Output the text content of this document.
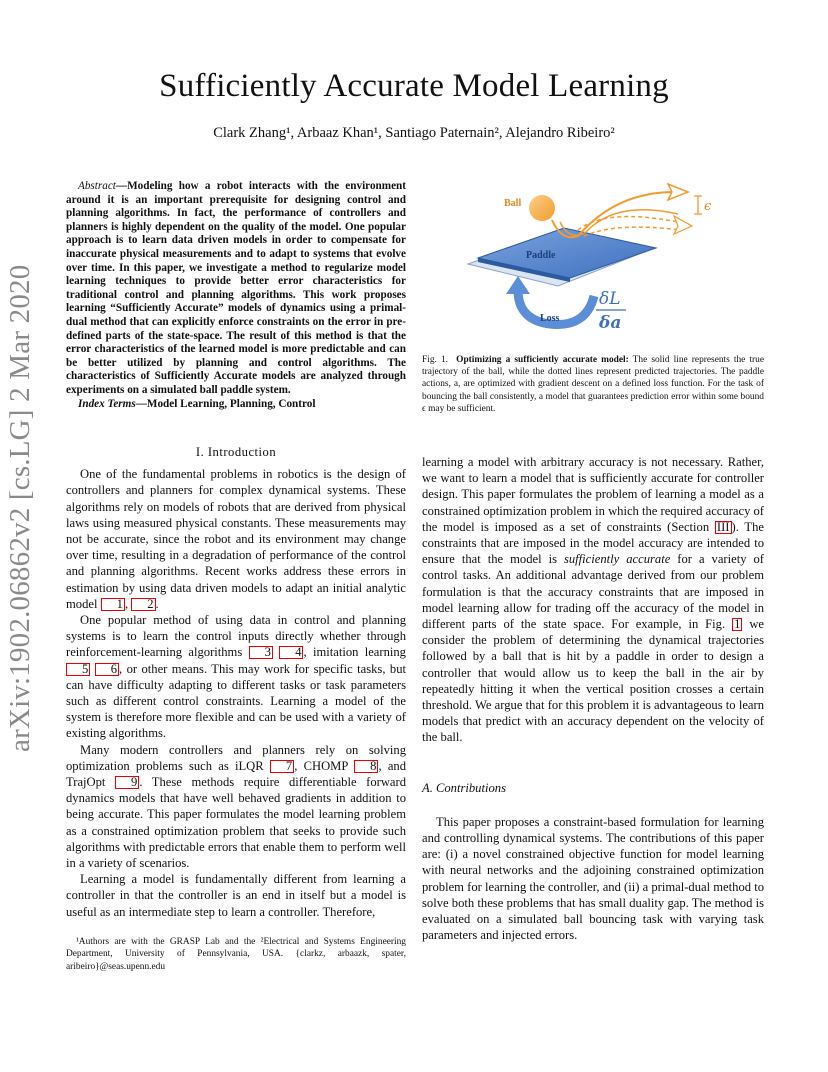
Sufficiently Accurate Model Learning
Clark Zhang¹, Arbaaz Khan¹, Santiago Paternain², Alejandro Ribeiro²
arXiv:1902.06862v2 [cs.LG] 2 Mar 2020

Abstract—Modeling how a robot interacts with the environment around it is an important prerequisite for designing control and planning algorithms. In fact, the performance of controllers and planners is highly dependent on the quality of the model. One popular approach is to learn data driven models in order to compensate for inaccurate physical measurements and to adapt to systems that evolve over time. In this paper, we investigate a method to regularize model learning techniques to provide better error characteristics for traditional control and planning algorithms. This work proposes learning “Sufficiently Accurate” models of dynamics using a primal-dual method that can explicitly enforce constraints on the error in pre-defined parts of the state-space. The result of this method is that the error characteristics of the learned model is more predictable and can be better utilized by planning and control algorithms. The characteristics of Sufficiently Accurate models are analyzed through experiments on a simulated ball paddle system.

Index Terms—Model Learning, Planning, Control

Paddle
Ball	ϵ
Loss
δL
δa
Fig. 1. Optimizing a sufficiently accurate model: The solid line represents the true trajectory of the ball, while the dotted lines represent predicted trajectories. The paddle actions, a, are optimized with gradient descent on a defined loss function. For the task of bouncing the ball consistently, a model that guarantees prediction error within some bound ϵ may be sufficient.
I. Introduction

One of the fundamental problems in robotics is the design of controllers and planners for complex dynamical systems. These algorithms rely on models of robots that are derived from physical laws using measured physical constants. These measurements may not be accurate, since the robot and its environment may change over time, resulting in a degradation of performance of the control and planning algorithms. Recent works address these errors in estimation by using data driven models to adapt an initial analytic model 1 , 2 .

One popular method of using data in control and planning systems is to learn the control inputs directly whether through reinforcement-learning algorithms 3 4 , imitation learning 5 6 , or other means. This may work for specific tasks, but can have difficulty adapting to different tasks or task parameters such as different control constraints. Learning a model of the system is therefore more flexible and can be used with a variety of existing algorithms.

Many modern controllers and planners rely on solving optimization problems such as iLQR 7 , CHOMP 8 , and TrajOpt 9 . These methods require differentiable forward dynamics models that have well behaved gradients in addition to being accurate. This paper formulates the model learning problem as a constrained optimization problem that seeks to provide such algorithms with predictable errors that enable them to perform well in a variety of scenarios.

Learning a model is fundamentally different from learning a controller in that the controller is an end in itself but a model is useful as an intermediate step to learn a controller. Therefore,

¹Authors are with the GRASP Lab and the ²Electrical and Systems Engineering Department, University of Pennsylvania, USA. {clarkz, arbaazk, spater, aribeiro}@seas.upenn.edu

learning a model with arbitrary accuracy is not necessary. Rather, we want to learn a model that is sufficiently accurate for controller design. This paper formulates the problem of learning a model as a constrained optimization problem in which the required accuracy of the model is imposed as a set of constraints (Section III ). The constraints that are imposed in the model accuracy are intended to ensure that the model is sufficiently accurate for a variety of control tasks. An additional advantage derived from our problem formulation is that the accuracy constraints that are imposed in model learning allow for trading off the accuracy of the model in different parts of the state space. For example, in Fig. 1 we consider the problem of determining the dynamical trajectories followed by a ball that is hit by a paddle in order to design a controller that would allow us to keep the ball in the air by repeatedly hitting it when the vertical position crosses a certain threshold. We argue that for this problem it is advantageous to learn models that predict with an accuracy dependent on the velocity of the ball.

A. Contributions

This paper proposes a constraint-based formulation for learning and controlling dynamical systems. The contributions of this paper are: (i) a novel constrained objective function for model learning with neural networks and the adjoining constrained optimization problem for learning the controller, and (ii) a primal-dual method to solve both these problems that has small duality gap. The method is evaluated on a simulated ball bouncing task with varying task parameters and injected errors.
